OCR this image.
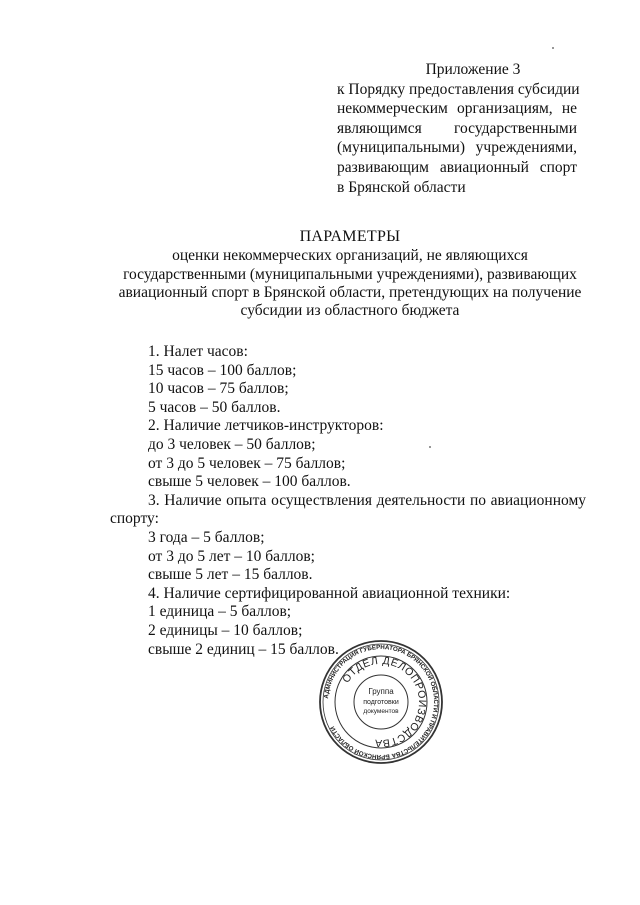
Приложение 3
к Порядку предоставления субсидии
некоммерческим организациям, не
являющимся государственными
(муниципальными) учреждениями,
развивающим авиационный спорт
в Брянской области
ПАРАМЕТРЫ
оценки некоммерческих организаций, не являющихся
государственными (муниципальными учреждениями), развивающих
авиационный спорт в Брянской области, претендующих на получение
субсидии из областного бюджета
1. Налет часов:
15 часов – 100 баллов;
10 часов – 75 баллов;
5 часов – 50 баллов.
2. Наличие летчиков-инструкторов:
до 3 человек – 50 баллов;
от 3 до 5 человек – 75 баллов;
свыше 5 человек – 100 баллов.
3. Наличие опыта осуществления деятельности по авиационному
спорту:
3 года – 5 баллов;
от 3 до 5 лет – 10 баллов;
свыше 5 лет – 15 баллов.
4. Наличие сертифицированной авиационной техники:
1 единица – 5 баллов;
2 единицы – 10 баллов;
свыше 2 единиц – 15 баллов.
АДМИНИСТРАЦИЯ ГУБЕРНАТОРА БРЯНСКОЙ ОБЛАСТИ И ПРАВИТЕЛЬСТВА БРЯНСКОЙ ОБЛАСТИ
ОТДЕЛ ДЕЛОПРОИЗВОДСТВА
Группа
подготовки
документов
